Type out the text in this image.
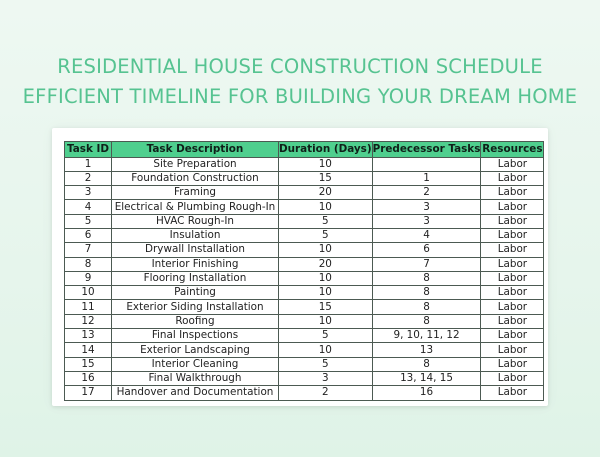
RESIDENTIAL HOUSE CONSTRUCTION SCHEDULE
EFFICIENT TIMELINE FOR BUILDING YOUR DREAM HOME
Task ID	Task Description	Duration (Days)	Predecessor Tasks	Resources
1	Site Preparation	10		Labor
2	Foundation Construction	15	1	Labor
3	Framing	20	2	Labor
4	Electrical & Plumbing Rough-In	10	3	Labor
5	HVAC Rough-In	5	3	Labor
6	Insulation	5	4	Labor
7	Drywall Installation	10	6	Labor
8	Interior Finishing	20	7	Labor
9	Flooring Installation	10	8	Labor
10	Painting	10	8	Labor
11	Exterior Siding Installation	15	8	Labor
12	Roofing	10	8	Labor
13	Final Inspections	5	9, 10, 11, 12	Labor
14	Exterior Landscaping	10	13	Labor
15	Interior Cleaning	5	8	Labor
16	Final Walkthrough	3	13, 14, 15	Labor
17	Handover and Documentation	2	16	Labor
